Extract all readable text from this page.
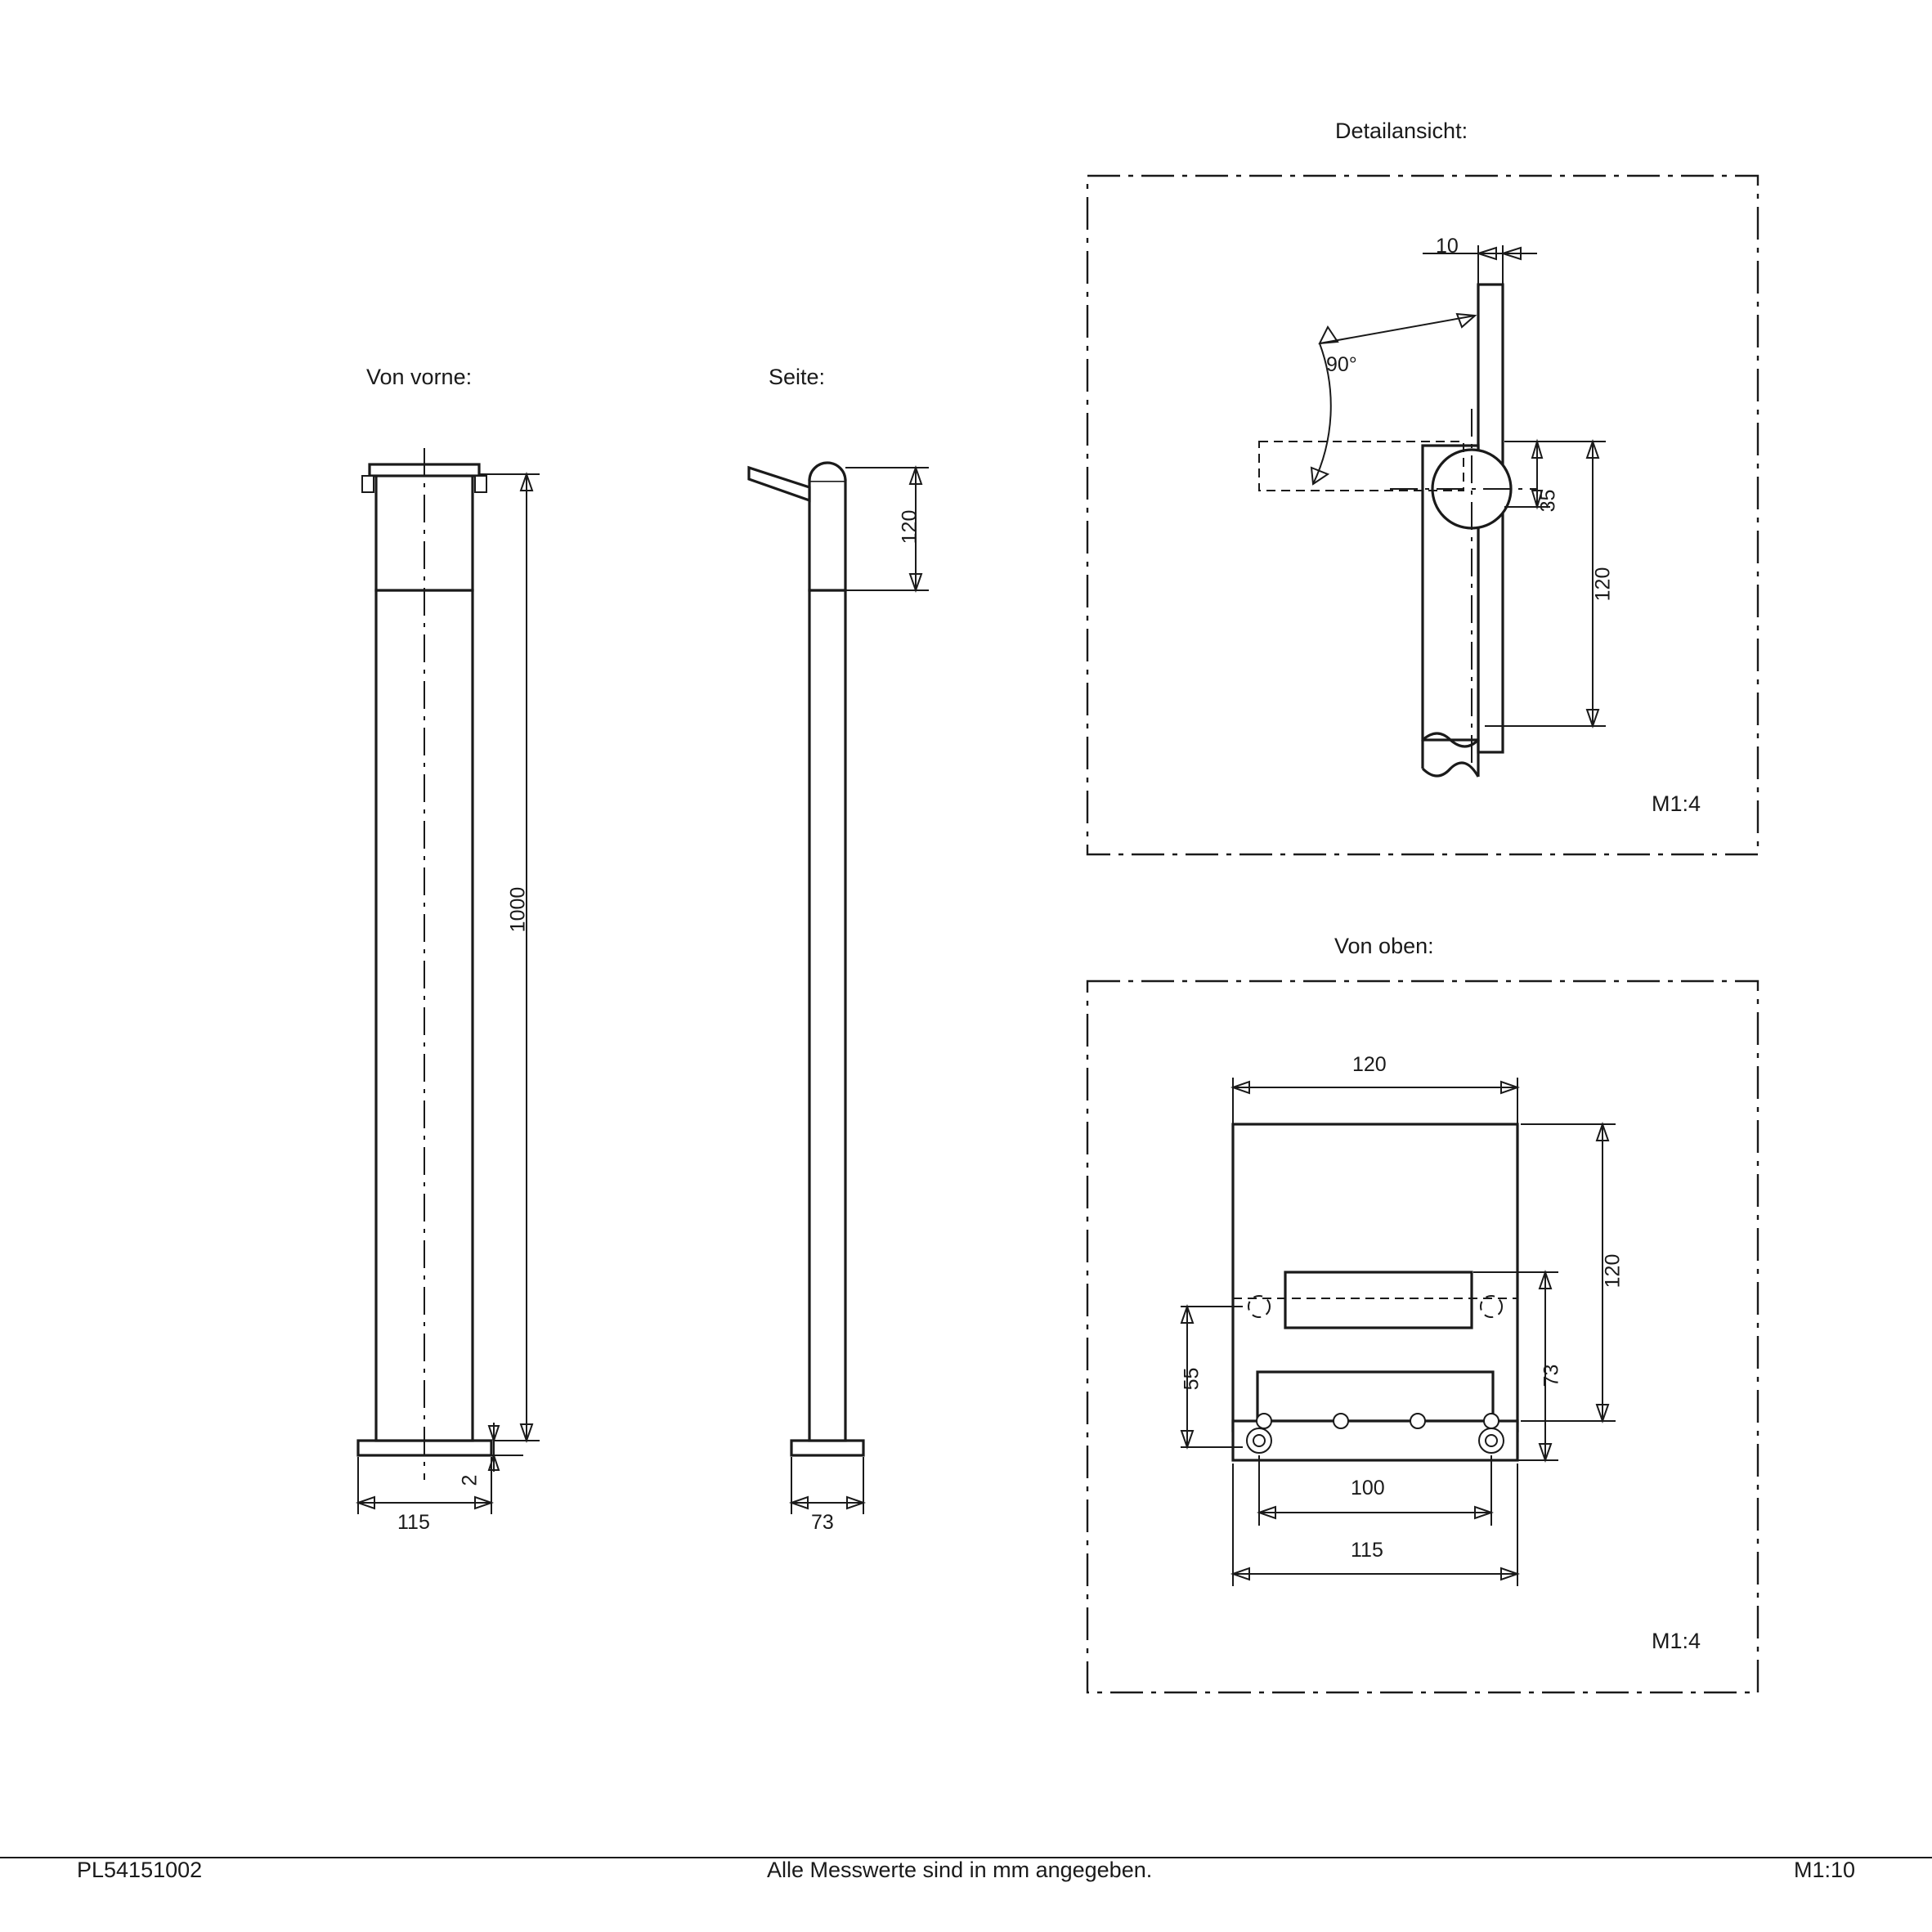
Von vorne:	Seite:
Detailansicht:
Von oben:
1000
2
115
120
73
10
90°
35
120
M1:4
120
120
73
55
100
115
M1:4
PL54151002	Alle Messwerte sind in mm angegeben.	M1:10
